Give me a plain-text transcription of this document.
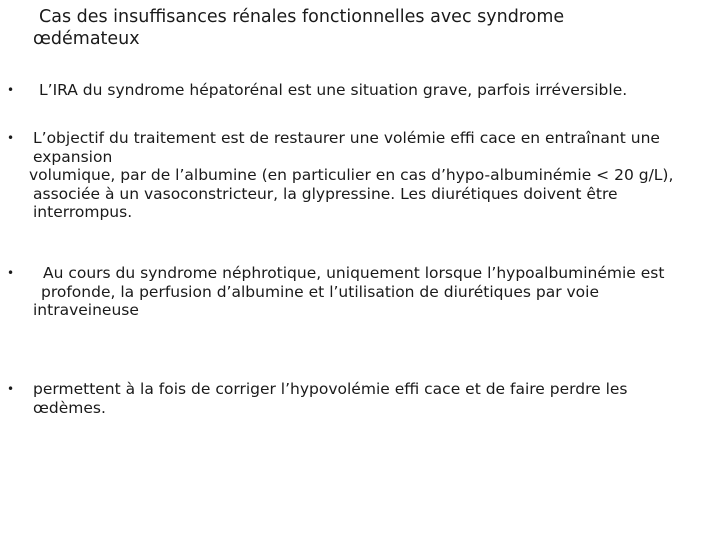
Cas des insuffisances rénales fonctionnelles avec syndrome
œdémateux
•	L’IRA du syndrome hépatorénal est une situation grave, parfois irréversible.
• L’objectif du traitement est de restaurer une volémie effi cace en entraînant une
expansion
volumique, par de l’albumine (en particulier en cas d’hypo-albuminémie < 20 g/L),
associée à un vasoconstricteur, la glypressine. Les diurétiques doivent être
interrompus.
•	Au cours du syndrome néphrotique, uniquement lorsque l’hypoalbuminémie est
profonde, la perfusion d’albumine et l’utilisation de diurétiques par voie
intraveineuse
• permettent à la fois de corriger l’hypovolémie effi cace et de faire perdre les
œdèmes.
